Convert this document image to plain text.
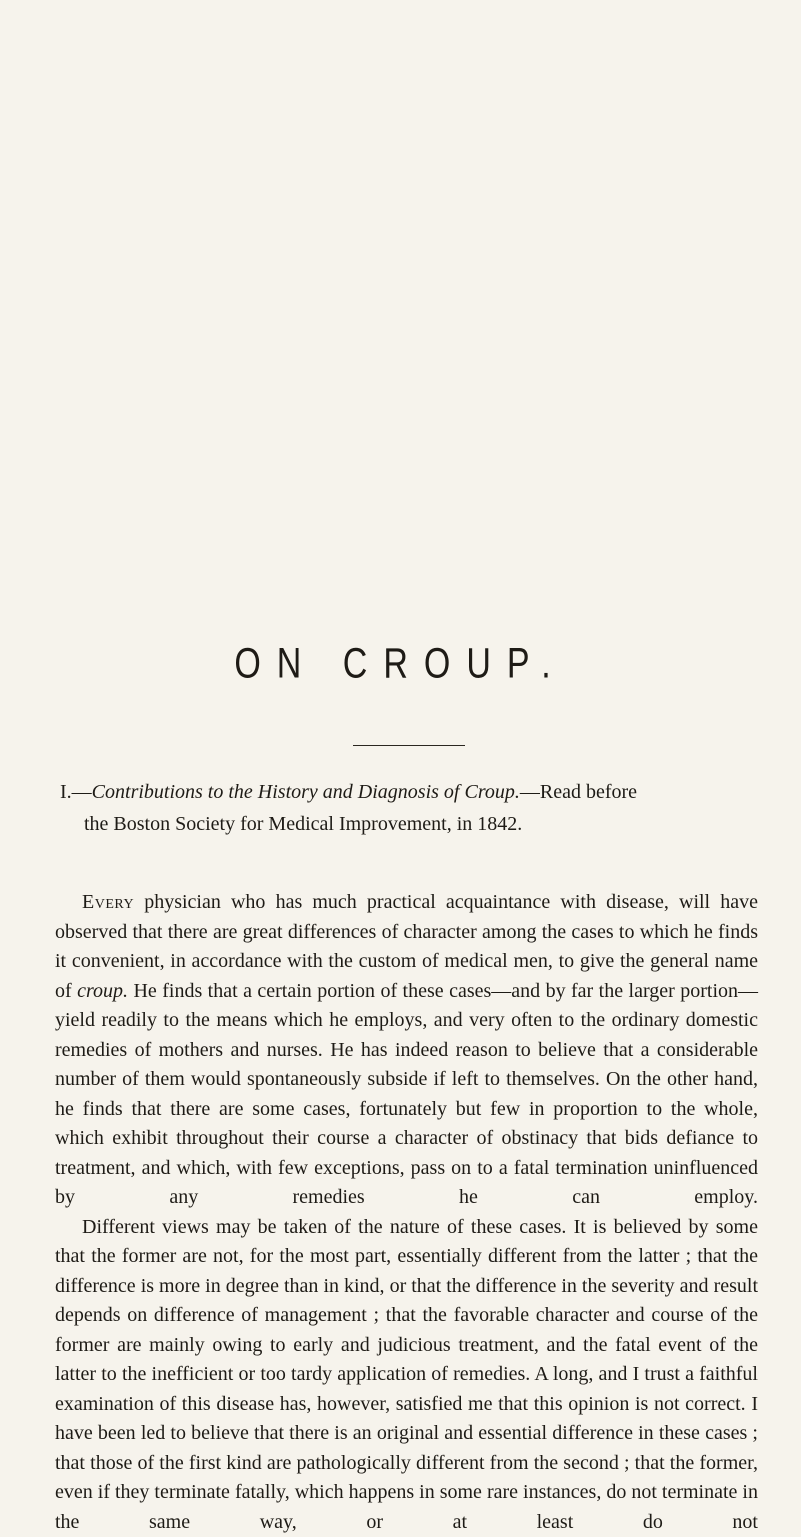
ON CROUP.
I.—Contributions to the History and Diagnosis of Croup.—Read before
the Boston Society for Medical Improvement, in 1842.

Every physician who has much practical acquaintance with disease, will have observed that there are great differences of character among the cases to which he finds it convenient, in accordance with the custom of medical men, to give the general name of croup. He finds that a certain portion of these cases—and by far the larger portion—yield readily to the means which he employs, and very often to the ordinary domestic remedies of mothers and nurses. He has indeed reason to believe that a considerable number of them would spontaneously subside if left to themselves. On the other hand, he finds that there are some cases, fortunately but few in proportion to the whole, which exhibit throughout their course a character of obstinacy that bids defiance to treatment, and which, with few exceptions, pass on to a fatal termination uninfluenced by any remedies he can employ.

Different views may be taken of the nature of these cases. It is believed by some that the former are not, for the most part, essentially different from the latter ; that the difference is more in degree than in kind, or that the difference in the severity and result depends on difference of management ; that the favorable character and course of the former are mainly owing to early and judicious treatment, and the fatal event of the latter to the inefficient or too tardy application of remedies. A long, and I trust a faithful examination of this disease has, however, satisfied me that this opinion is not correct. I have been led to believe that there is an original and essential difference in these cases ; that those of the first kind are pathologically different from the second ; that the former, even if they terminate fatally, which happens in some rare instances, do not terminate in the same way, or at least do not
